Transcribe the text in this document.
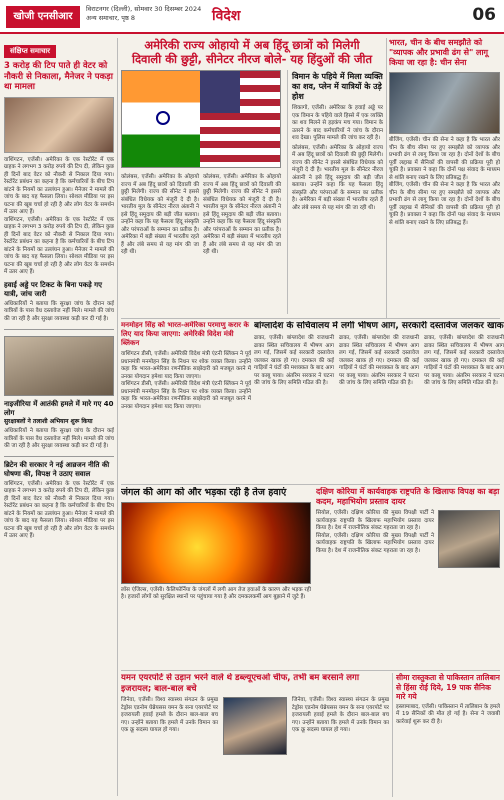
खोजी एनसीआर
विराटनगर (दिल्ली), सोमवार 30 दिसम्बर 2024
अन्य समाचार, पृष्ठ 8	विदेश	06
संक्षिप्त समाचार
3 करोड़ की टिप पाते ही वेटर को नौकरी से निकाला, मैनेजर ने पकड़ा था मामला
वाशिंगटन, एजेंसी। अमेरिका के एक रेस्टोरेंट में एक ग्राहक ने लगभग 3 करोड़ रुपये की टिप दी, लेकिन कुछ ही दिनों बाद वेटर को नौकरी से निकाल दिया गया। रेस्टोरेंट प्रबंधन का कहना है कि कर्मचारियों के बीच टिप बांटने के नियमों का उल्लंघन हुआ। मैनेजर ने मामले की जांच के बाद यह फैसला लिया। सोशल मीडिया पर इस घटना की खूब चर्चा हो रही है और लोग वेटर के समर्थन में उतर आए हैं।
वाशिंगटन, एजेंसी। अमेरिका के एक रेस्टोरेंट में एक ग्राहक ने लगभग 3 करोड़ रुपये की टिप दी, लेकिन कुछ ही दिनों बाद वेटर को नौकरी से निकाल दिया गया। रेस्टोरेंट प्रबंधन का कहना है कि कर्मचारियों के बीच टिप बांटने के नियमों का उल्लंघन हुआ। मैनेजर ने मामले की जांच के बाद यह फैसला लिया। सोशल मीडिया पर इस घटना की खूब चर्चा हो रही है और लोग वेटर के समर्थन में उतर आए हैं।
हवाई अड्डे पर टिकट के बिना पकड़े गए यात्री, जांच जारी
अधिकारियों ने बताया कि सुरक्षा जांच के दौरान कई यात्रियों के पास वैध दस्तावेज नहीं मिले। मामले की जांच की जा रही है और सुरक्षा व्यवस्था कड़ी कर दी गई है।
नाइजीरिया में आतंकी हमले में मारे गए 40 लोग
सुरक्षाबलों ने तलाशी अभियान शुरू किया
अधिकारियों ने बताया कि सुरक्षा जांच के दौरान कई यात्रियों के पास वैध दस्तावेज नहीं मिले। मामले की जांच की जा रही है और सुरक्षा व्यवस्था कड़ी कर दी गई है।
ब्रिटेन की सरकार ने नई आव्रजन नीति की घोषणा की, विपक्ष ने उठाए सवाल
वाशिंगटन, एजेंसी। अमेरिका के एक रेस्टोरेंट में एक ग्राहक ने लगभग 3 करोड़ रुपये की टिप दी, लेकिन कुछ ही दिनों बाद वेटर को नौकरी से निकाल दिया गया। रेस्टोरेंट प्रबंधन का कहना है कि कर्मचारियों के बीच टिप बांटने के नियमों का उल्लंघन हुआ। मैनेजर ने मामले की जांच के बाद यह फैसला लिया। सोशल मीडिया पर इस घटना की खूब चर्चा हो रही है और लोग वेटर के समर्थन में उतर आए हैं।
अमेरिकी राज्य ओहायो में अब हिंदू छात्रों को मिलेगी
दिवाली की छुट्टी, सीनेटर नीरज बोले- यह हिंदुओं की जीत
कोलंबस, एजेंसी। अमेरिका के ओहायो राज्य में अब हिंदू छात्रों को दिवाली की छुट्टी मिलेगी। राज्य की सीनेट ने इससे संबंधित विधेयक को मंजूरी दे दी है। भारतीय मूल के सीनेटर नीरज अंतानी ने इसे हिंदू समुदाय की बड़ी जीत बताया। उन्होंने कहा कि यह फैसला हिंदू संस्कृति और परंपराओं के सम्मान का प्रतीक है। अमेरिका में बड़ी संख्या में भारतीय रहते हैं और लंबे समय से यह मांग की जा रही थी।
कोलंबस, एजेंसी। अमेरिका के ओहायो राज्य में अब हिंदू छात्रों को दिवाली की छुट्टी मिलेगी। राज्य की सीनेट ने इससे संबंधित विधेयक को मंजूरी दे दी है। भारतीय मूल के सीनेटर नीरज अंतानी ने इसे हिंदू समुदाय की बड़ी जीत बताया। उन्होंने कहा कि यह फैसला हिंदू संस्कृति और परंपराओं के सम्मान का प्रतीक है। अमेरिका में बड़ी संख्या में भारतीय रहते हैं और लंबे समय से यह मांग की जा रही थी।
विमान के पहिये में मिला व्यक्ति का शव, प्लेन में यात्रियों के उड़े होश
शिकागो, एजेंसी। अमेरिका के हवाई अड्डे पर एक विमान के पहिये वाले हिस्से में एक व्यक्ति का शव मिलने से हड़कंप मच गया। विमान के उतरने के बाद कर्मचारियों ने जांच के दौरान शव देखा। पुलिस मामले की जांच कर रही है।
कोलंबस, एजेंसी। अमेरिका के ओहायो राज्य में अब हिंदू छात्रों को दिवाली की छुट्टी मिलेगी। राज्य की सीनेट ने इससे संबंधित विधेयक को मंजूरी दे दी है। भारतीय मूल के सीनेटर नीरज अंतानी ने इसे हिंदू समुदाय की बड़ी जीत बताया। उन्होंने कहा कि यह फैसला हिंदू संस्कृति और परंपराओं के सम्मान का प्रतीक है। अमेरिका में बड़ी संख्या में भारतीय रहते हैं और लंबे समय से यह मांग की जा रही थी।
भारत, चीन के बीच समझौते को "व्यापक और प्रभावी ढंग से" लागू किया जा रहा है: चीन सेना
बीजिंग, एजेंसी। चीन की सेना ने कहा है कि भारत और चीन के बीच सीमा पर हुए समझौते को व्यापक और प्रभावी ढंग से लागू किया जा रहा है। दोनों देशों के बीच पूर्वी लद्दाख में सैनिकों की वापसी की प्रक्रिया पूरी हो चुकी है। प्रवक्ता ने कहा कि दोनों पक्ष संवाद के माध्यम से शांति बनाए रखने के लिए प्रतिबद्ध हैं।
बीजिंग, एजेंसी। चीन की सेना ने कहा है कि भारत और चीन के बीच सीमा पर हुए समझौते को व्यापक और प्रभावी ढंग से लागू किया जा रहा है। दोनों देशों के बीच पूर्वी लद्दाख में सैनिकों की वापसी की प्रक्रिया पूरी हो चुकी है। प्रवक्ता ने कहा कि दोनों पक्ष संवाद के माध्यम से शांति बनाए रखने के लिए प्रतिबद्ध हैं।
मनमोहन सिंह को भारत-अमेरिका परमाणु करार के लिए याद किया जाएगा: अमेरिकी विदेश मंत्री ब्लिंकन
वाशिंगटन डीसी, एजेंसी। अमेरिकी विदेश मंत्री एंटनी ब्लिंकन ने पूर्व प्रधानमंत्री मनमोहन सिंह के निधन पर शोक व्यक्त किया। उन्होंने कहा कि भारत-अमेरिका रणनीतिक साझेदारी को मजबूत करने में उनका योगदान हमेशा याद किया जाएगा।
वाशिंगटन डीसी, एजेंसी। अमेरिकी विदेश मंत्री एंटनी ब्लिंकन ने पूर्व प्रधानमंत्री मनमोहन सिंह के निधन पर शोक व्यक्त किया। उन्होंने कहा कि भारत-अमेरिका रणनीतिक साझेदारी को मजबूत करने में उनका योगदान हमेशा याद किया जाएगा।
बांग्लादेश के सचिवालय में लगी भीषण आग, सरकारी दस्तावेज जलकर खाक
ढाका, एजेंसी। बांग्लादेश की राजधानी ढाका स्थित सचिवालय में भीषण आग लग गई, जिसमें कई सरकारी दस्तावेज जलकर खाक हो गए। दमकल की कई गाड़ियों ने घंटों की मशक्कत के बाद आग पर काबू पाया। अंतरिम सरकार ने घटना की जांच के लिए समिति गठित की है।
ढाका, एजेंसी। बांग्लादेश की राजधानी ढाका स्थित सचिवालय में भीषण आग लग गई, जिसमें कई सरकारी दस्तावेज जलकर खाक हो गए। दमकल की कई गाड़ियों ने घंटों की मशक्कत के बाद आग पर काबू पाया। अंतरिम सरकार ने घटना की जांच के लिए समिति गठित की है।
ढाका, एजेंसी। बांग्लादेश की राजधानी ढाका स्थित सचिवालय में भीषण आग लग गई, जिसमें कई सरकारी दस्तावेज जलकर खाक हो गए। दमकल की कई गाड़ियों ने घंटों की मशक्कत के बाद आग पर काबू पाया। अंतरिम सरकार ने घटना की जांच के लिए समिति गठित की है।
जंगल की आग को और भड़का रही है तेज हवाएं
लॉस एंजिल्स, एजेंसी। कैलिफोर्निया के जंगलों में लगी आग तेज हवाओं के कारण और भड़क रही है। हजारों लोगों को सुरक्षित स्थानों पर पहुंचाया गया है और दमकलकर्मी आग बुझाने में जुटे हैं।
दक्षिण कोरिया में कार्यवाहक राष्ट्रपति के खिलाफ विपक्ष का बड़ा कदम, महाभियोग प्रस्ताव दायर
सियोल, एजेंसी। दक्षिण कोरिया की मुख्य विपक्षी पार्टी ने कार्यवाहक राष्ट्रपति के खिलाफ महाभियोग प्रस्ताव दायर किया है। देश में राजनीतिक संकट गहराता जा रहा है।
सियोल, एजेंसी। दक्षिण कोरिया की मुख्य विपक्षी पार्टी ने कार्यवाहक राष्ट्रपति के खिलाफ महाभियोग प्रस्ताव दायर किया है। देश में राजनीतिक संकट गहराता जा रहा है।
यमन एयरपोर्ट से उड़ान भरने वाले थे डब्ल्यूएचओ चीफ, तभी बम बरसाने लगा इजरायल; बाल-बाल बचे
जिनेवा, एजेंसी। विश्व स्वास्थ्य संगठन के प्रमुख टेड्रोस एडनोम घेब्रेयसस यमन के सना एयरपोर्ट पर इजरायली हवाई हमले के दौरान बाल-बाल बच गए। उन्होंने बताया कि हमले में उनके विमान का एक क्रू सदस्य घायल हो गया।
जिनेवा, एजेंसी। विश्व स्वास्थ्य संगठन के प्रमुख टेड्रोस एडनोम घेब्रेयसस यमन के सना एयरपोर्ट पर इजरायली हवाई हमले के दौरान बाल-बाल बच गए। उन्होंने बताया कि हमले में उनके विमान का एक क्रू सदस्य घायल हो गया।
सीमा रास्तुकता से पाकिस्तान तालिबान से हिंसा रोई दिये, 19 पाक सैनिक मारे गये
इस्लामाबाद, एजेंसी। पाकिस्तान में तालिबान के हमले में 19 सैनिकों की मौत हो गई है। सेना ने जवाबी कार्रवाई शुरू कर दी है।
